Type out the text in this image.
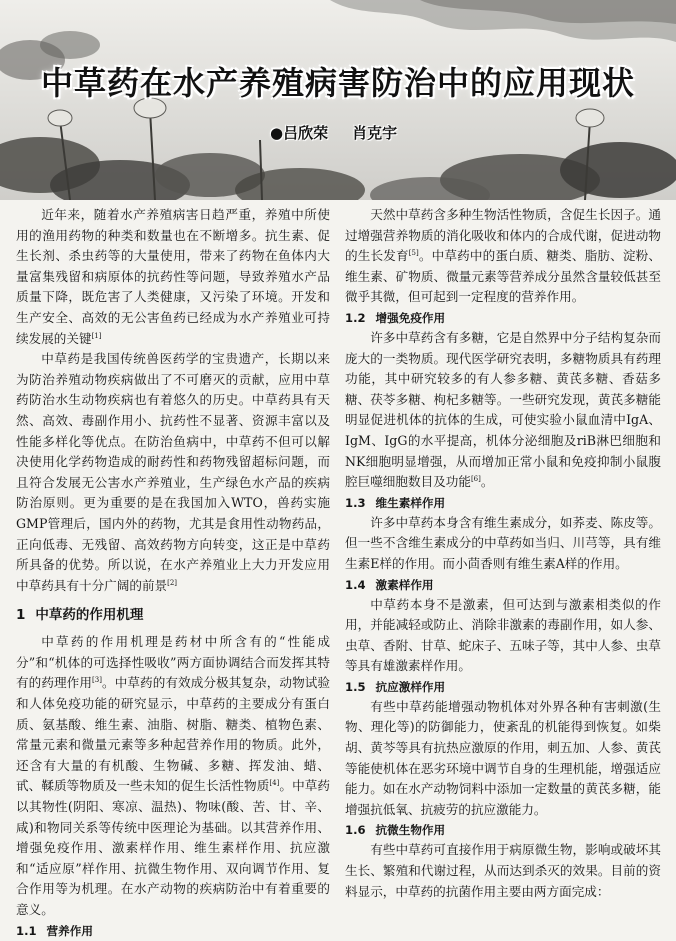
中草药在水产养殖病害防治中的应用现状
●吕欣荣 肖克宇

近年来，随着水产养殖病害日趋严重，养殖中所使用的渔用药物的种类和数量也在不断增多。抗生素、促生长剂、杀虫药等的大量使用，带来了药物在鱼体内大量富集残留和病原体的抗药性等问题，导致养殖水产品质量下降，既危害了人类健康，又污染了环境。开发和生产安全、高效的无公害鱼药已经成为水产养殖业可持续发展的关键[1]

中草药是我国传统兽医药学的宝贵遗产，长期以来为防治养殖动物疾病做出了不可磨灭的贡献，应用中草药防治水生动物疾病也有着悠久的历史。中草药具有天然、高效、毒副作用小、抗药性不显著、资源丰富以及性能多样化等优点。在防治鱼病中，中草药不但可以解决使用化学药物造成的耐药性和药物残留超标问题，而且符合发展无公害水产养殖业，生产绿色水产品的疾病防治原则。更为重要的是在我国加入WTO，兽药实施GMP管理后，国内外的药物，尤其是食用性动物药品，正向低毒、无残留、高效药物方向转变，这正是中草药所具备的优势。所以说，在水产养殖业上大力开发应用中草药具有十分广阔的前景[2]

1 中草药的作用机理

中草药的作用机理是药材中所含有的“性能成分”和“机体的可选择性吸收”两方面协调结合而发挥其特有的药理作用[3]。中草药的有效成分极其复杂，动物试验和人体免疫功能的研究显示，中草药的主要成分有蛋白质、氨基酸、维生素、油脂、树脂、糖类、植物色素、常量元素和微量元素等多种起营养作用的物质。此外，还含有大量的有机酸、生物碱、多糖、挥发油、蜡、甙、鞣质等物质及一些未知的促生长活性物质[4]。中草药以其物性(阴阳、寒凉、温热)、物味(酸、苦、甘、辛、咸)和物同关系等传统中医理论为基础。以其营养作用、增强免疫作用、激素样作用、维生素样作用、抗应激和“适应原”样作用、抗微生物作用、双向调节作用、复合作用等为机理。在水产动物的疾病防治中有着重要的意义。

1.1 营养作用

天然中草药含多种生物活性物质，含促生长因子。通过增强营养物质的消化吸收和体内的合成代谢，促进动物的生长发育[5]。中草药中的蛋白质、糖类、脂肪、淀粉、维生素、矿物质、微量元素等营养成分虽然含量较低甚至微乎其微，但可起到一定程度的营养作用。

1.2 增强免疫作用

许多中草药含有多糖，它是自然界中分子结构复杂而庞大的一类物质。现代医学研究表明，多糖物质具有药理功能，其中研究较多的有人参多糖、黄芪多糖、香菇多糖、茯苓多糖、枸杞多糖等。一些研究发现，黄芪多糖能明显促进机体的抗体的生成，可使实验小鼠血清中IgA、IgM、IgG的水平提高，机体分泌细胞及riB淋巴细胞和NK细胞明显增强，从而增加正常小鼠和免疫抑制小鼠腹腔巨噬细胞数目及功能[6]。

1.3 维生素样作用

许多中草药本身含有维生素成分，如荞麦、陈皮等。但一些不含维生素成分的中草药如当归、川芎等，具有维生素E样的作用。而小茴香则有维生素A样的作用。

1.4 激素样作用

中草药本身不是激素，但可达到与激素相类似的作用，并能减轻或防止、消除非激素的毒副作用，如人参、虫草、香附、甘草、蛇床子、五味子等，其中人参、虫草等具有雄激素样作用。

1.5 抗应激样作用

有些中草药能增强动物机体对外界各种有害刺激(生物、理化等)的防御能力，使紊乱的机能得到恢复。如柴胡、黄芩等具有抗热应激原的作用，刺五加、人参、黄芪等能使机体在恶劣环境中调节自身的生理机能，增强适应能力。如在水产动物饲料中添加一定数量的黄芪多糖，能增强抗低氧、抗疲劳的抗应激能力。

1.6 抗微生物作用

有些中草药可直接作用于病原微生物，影响或破坏其生长、繁殖和代谢过程，从而达到杀灭的效果。目前的资料显示，中草药的抗菌作用主要由两方面完成：
